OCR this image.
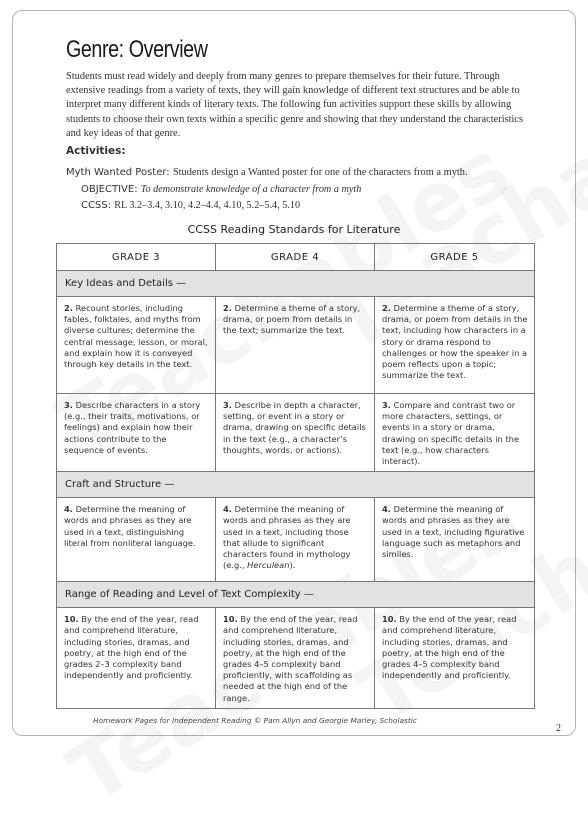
Genre: Overview
Students must read widely and deeply from many genres to prepare themselves for their future. Through extensive readings from a variety of texts, they will gain knowledge of different text structures and be able to interpret many different kinds of literary texts. The following fun activities support these skills by allowing students to choose their own texts within a specific genre and showing that they understand the characteristics and key ideas of that genre.
Activities:
Myth Wanted Poster: Students design a Wanted poster for one of the characters from a myth.
OBJECTIVE: To demonstrate knowledge of a character from a myth
CCSS: RL 3.2–3.4, 3.10, 4.2–4.4, 4.10, 5.2–5.4, 5.10
CCSS Reading Standards for Literature
GRADE 3	GRADE 4	GRADE 5
Key Ideas and Details —		
2. Recount stories, including fables, folktales, and myths from diverse cultures; determine the central message, lesson, or moral, and explain how it is conveyed through key details in the text.	2. Determine a theme of a story, drama, or poem from details in the text; summarize the text.	2. Determine a theme of a story, drama, or poem from details in the text, including how characters in a story or drama respond to challenges or how the speaker in a poem reflects upon a topic; summarize the text.
3. Describe characters in a story (e.g., their traits, motivations, or feelings) and explain how their actions contribute to the sequence of events.	3. Describe in depth a character, setting, or event in a story or drama, drawing on specific details in the text (e.g., a character’s thoughts, words, or actions).	3. Compare and contrast two or more characters, settings, or events in a story or drama, drawing on specific details in the text (e.g., how characters interact).
Craft and Structure —		
4. Determine the meaning of words and phrases as they are used in a text, distinguishing literal from nonliteral language.	4. Determine the meaning of words and phrases as they are used in a text, including those that allude to significant characters found in mythology (e.g., Herculean).	4. Determine the meaning of words and phrases as they are used in a text, including figurative language such as metaphors and similes.
Range of Reading and Level of Text Complexity —		
10. By the end of the year, read and comprehend literature, including stories, dramas, and poetry, at the high end of the grades 2–3 complexity band independently and proficiently.	10. By the end of the year, read and comprehend literature, including stories, dramas, and poetry, at the high end of the grades 4–5 complexity band proficiently, with scaffolding as needed at the high end of the range.	10. By the end of the year, read and comprehend literature, including stories, dramas, and poetry, at the high end of the grades 4–5 complexity band independently and proficiently.
Homework Pages for Independent Reading © Pam Allyn and Georgie Marley, Scholastic
2
